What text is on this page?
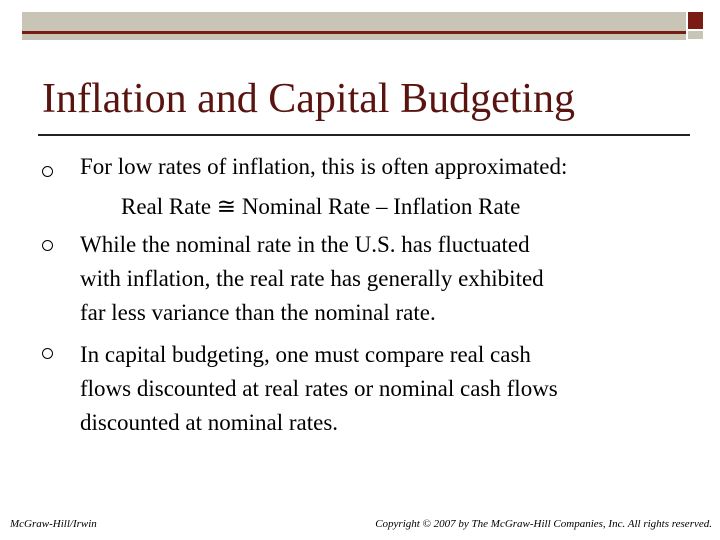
Inflation and Capital Budgeting
For low rates of inflation, this is often approximated:
Real Rate ≅ Nominal Rate – Inflation Rate
While the nominal rate in the U.S. has fluctuated
with inflation, the real rate has generally exhibited
far less variance than the nominal rate.
In capital budgeting, one must compare real cash
flows discounted at real rates or nominal cash flows
discounted at nominal rates.
McGraw-Hill/Irwin	Copyright © 2007 by The McGraw-Hill Companies, Inc. All rights reserved.
